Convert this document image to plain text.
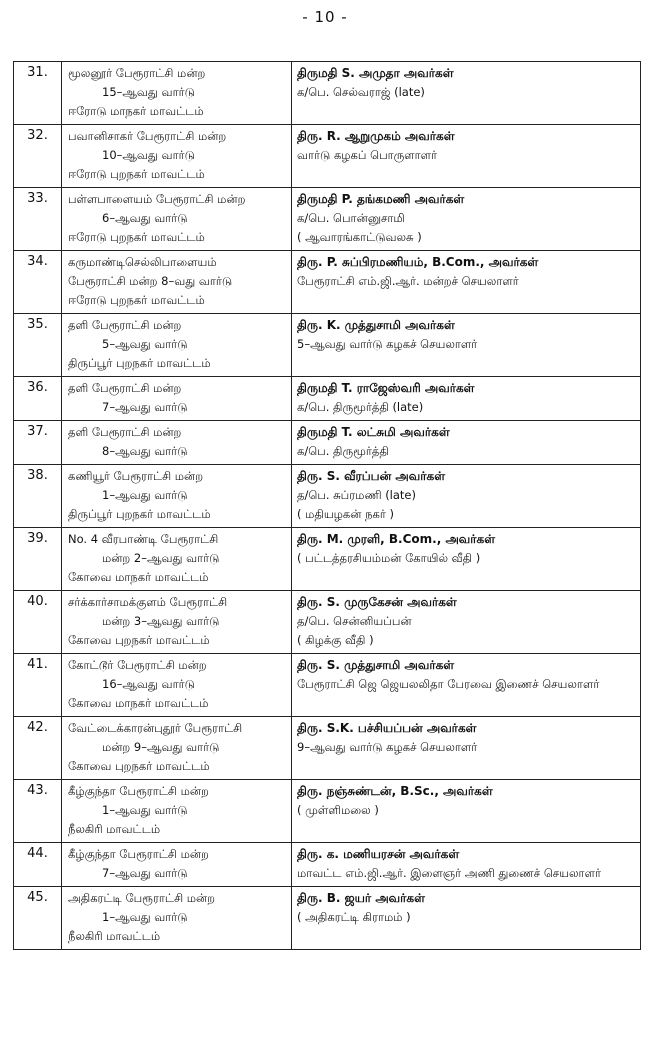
- 10 -
31.	மூலனூர் பேரூராட்சி மன்ற
15–ஆவது வார்டு
ஈரோடு மாநகர் மாவட்டம்	திருமதி S. அமுதா அவர்கள்
க/பெ. செல்வராஜ் (late)

32.	பவானிசாகர் பேரூராட்சி மன்ற
10–ஆவது வார்டு
ஈரோடு புறநகர் மாவட்டம்	திரு. R. ஆறுமுகம் அவர்கள்
வார்டு கழகப் பொருளாளர்

33.	பள்ளபாளையம் பேரூராட்சி மன்ற
6–ஆவது வார்டு
ஈரோடு புறநகர் மாவட்டம்	திருமதி P. தங்கமணி அவர்கள்
க/பெ. பொன்னுசாமி
( ஆவாரங்காட்டுவலசு )

34.	கருமாண்டிசெல்லிபாளையம்
பேரூராட்சி மன்ற 8–வது வார்டு
ஈரோடு புறநகர் மாவட்டம்	திரு. P. சுப்பிரமணியம், B.Com., அவர்கள்
பேரூராட்சி எம்.ஜி.ஆர். மன்றச் செயலாளர்

35.	தளி பேரூராட்சி மன்ற
5–ஆவது வார்டு
திருப்பூர் புறநகர் மாவட்டம்	திரு. K. முத்துசாமி அவர்கள்
5–ஆவது வார்டு கழகச் செயலாளர்

36.	தளி பேரூராட்சி மன்ற
7–ஆவது வார்டு	திருமதி T. ராஜேஸ்வரி அவர்கள்
க/பெ. திருமூர்த்தி (late)

37.	தளி பேரூராட்சி மன்ற
8–ஆவது வார்டு	திருமதி T. லட்சுமி அவர்கள்
க/பெ. திருமூர்த்தி

38.	கணியூர் பேரூராட்சி மன்ற
1–ஆவது வார்டு
திருப்பூர் புறநகர் மாவட்டம்	திரு. S. வீரப்பன் அவர்கள்
த/பெ. சுப்ரமணி (late)
( மதியழகன் நகர் )

39.	No. 4 வீரபாண்டி பேரூராட்சி
மன்ற 2–ஆவது வார்டு
கோவை மாநகர் மாவட்டம்	திரு. M. முரளி, B.Com., அவர்கள்
( பட்டத்தரசியம்மன் கோயில் வீதி )

40.	சர்க்கார்சாமக்குளம் பேரூராட்சி
மன்ற 3–ஆவது வார்டு
கோவை புறநகர் மாவட்டம்	திரு. S. முருகேசன் அவர்கள்
த/பெ. சென்னியப்பன்
( கிழக்கு வீதி )

41.	கோட்டூர் பேரூராட்சி மன்ற
16–ஆவது வார்டு
கோவை மாநகர் மாவட்டம்	திரு. S. முத்துசாமி அவர்கள்
பேரூராட்சி ஜெ ஜெயலலிதா பேரவை இணைச் செயலாளர்

42.	வேட்டைக்காரன்புதூர் பேரூராட்சி
மன்ற 9–ஆவது வார்டு
கோவை புறநகர் மாவட்டம்	திரு. S.K. பச்சியப்பன் அவர்கள்
9–ஆவது வார்டு கழகச் செயலாளர்

43.	கீழ்குந்தா பேரூராட்சி மன்ற
1–ஆவது வார்டு
நீலகிரி மாவட்டம்	திரு. நஞ்சுண்டன், B.Sc., அவர்கள்
( முள்ளிமலை )

44.	கீழ்குந்தா பேரூராட்சி மன்ற
7–ஆவது வார்டு	திரு. க. மணியரசன் அவர்கள்
மாவட்ட எம்.ஜி.ஆர். இளைஞர் அணி துணைச் செயலாளர்

45.	அதிகரட்டி பேரூராட்சி மன்ற
1–ஆவது வார்டு
நீலகிரி மாவட்டம்	திரு. B. ஜயர் அவர்கள்
( அதிகரட்டி கிராமம் )
